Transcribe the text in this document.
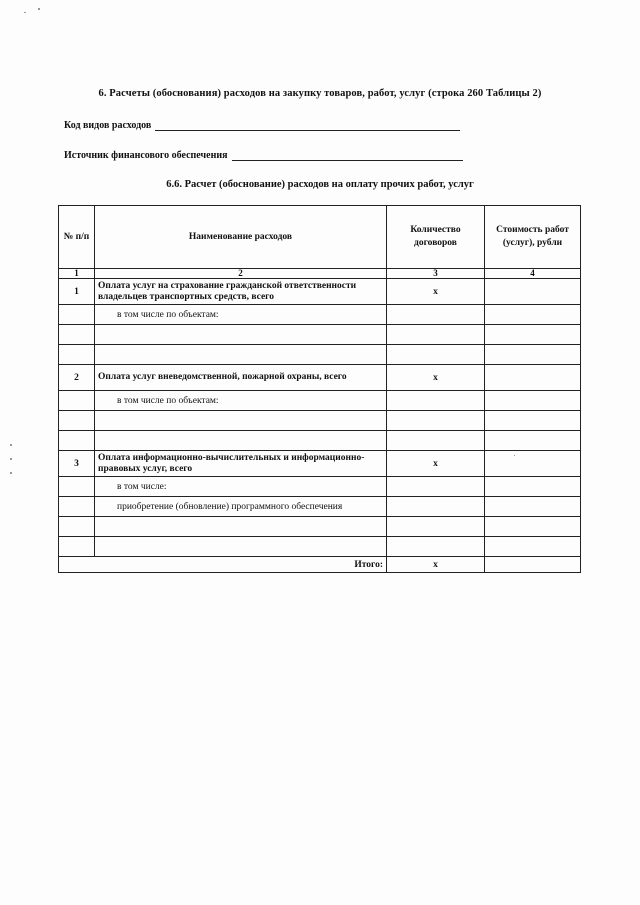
6. Расчеты (обоснования) расходов на закупку товаров, работ, услуг (строка 260 Таблицы 2)
Код видов расходов
Источник финансового обеспечения
6.6. Расчет (обоснование) расходов на оплату прочих работ, услуг
№ п/п	Наименование расходов	Количество договоров	Стоимость работ (услуг), рубли
1	2	3	4
1	Оплата услуг на страхование гражданской ответственности владельцев транспортных средств, всего	x	
	в том числе по объектам:		

2	Оплата услуг вневедомственной, пожарной охраны, всего	x	
	в том числе по объектам:		

3	Оплата информационно-вычислительных и информационно-правовых услуг, всего	x	
	в том числе:		
	приобретение (обновление) программного обеспечения		

Итого:		x	
